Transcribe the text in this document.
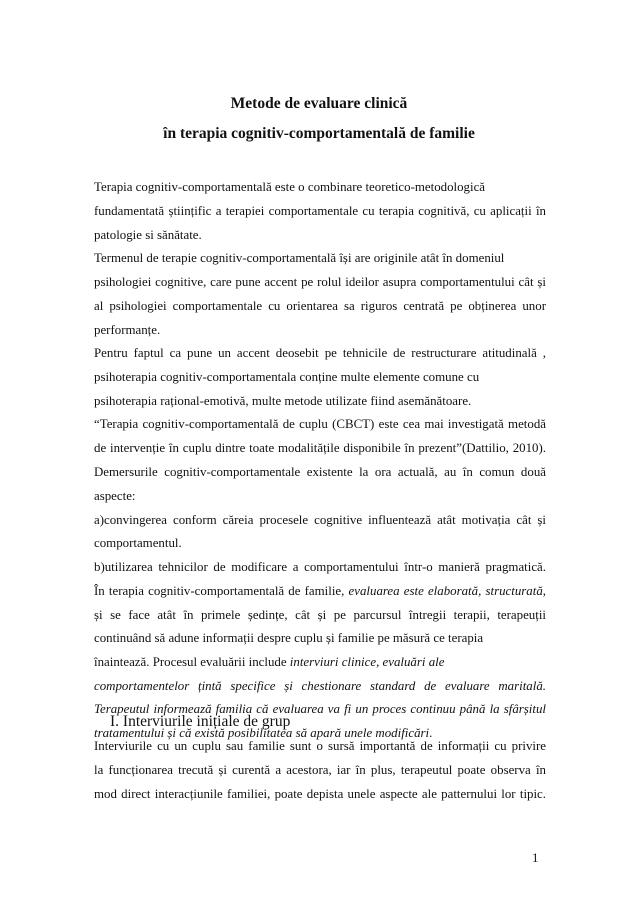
Metode de evaluare clinică
în terapia cognitiv-comportamentală de familie
Terapia cognitiv-comportamentală este o combinare teoretico-metodologică
fundamentată științific a terapiei comportamentale cu terapia cognitivă, cu aplicații în
patologie si sănătate.
Termenul de terapie cognitiv-comportamentală își are originile atât în domeniul
psihologiei cognitive, care pune accent pe rolul ideilor asupra comportamentului cât și
al psihologiei comportamentale cu orientarea sa riguros centrată pe obținerea unor
performanțe.
Pentru faptul ca pune un accent deosebit pe tehnicile de restructurare atitudinală ,
psihoterapia cognitiv-comportamentala conține multe elemente comune cu
psihoterapia rațional-emotivă, multe metode utilizate fiind asemănătoare.
“Terapia cognitiv-comportamentală de cuplu (CBCT) este cea mai investigată metodă
de intervenție în cuplu dintre toate modalitățile disponibile în prezent”(Dattilio, 2010).
Demersurile cognitiv-comportamentale existente la ora actuală, au în comun două
aspecte:
a)convingerea conform căreia procesele cognitive influentează atât motivația cât și
comportamentul.
b)utilizarea tehnicilor de modificare a comportamentului într-o manieră pragmatică.
În terapia cognitiv-comportamentală de familie, evaluarea este elaborată, structurată,
și se face atât în primele ședințe, cât și pe parcursul întregii terapii, terapeuții
continuând să adune informații despre cuplu și familie pe măsură ce terapia
înaintează. Procesul evaluării include interviuri clinice, evaluări ale
comportamentelor țintă specifice și chestionare standard de evaluare maritală.
Terapeutul informează familia că evaluarea va fi un proces continuu până la sfârșitul
tratamentului și că există posibilitatea să apară unele modificări.
I. Interviurile inițiale de grup
Interviurile cu un cuplu sau familie sunt o sursă importantă de informații cu privire
la funcționarea trecută și curentă a acestora, iar în plus, terapeutul poate observa în
mod direct interacțiunile familiei, poate depista unele aspecte ale patternului lor tipic.
1
